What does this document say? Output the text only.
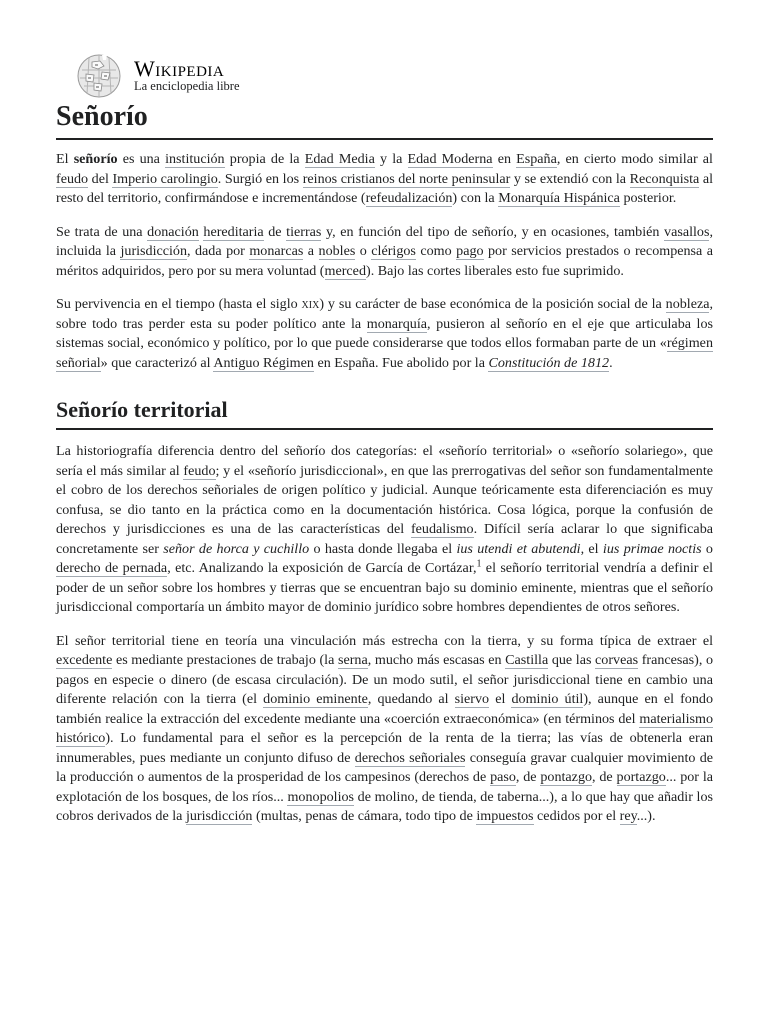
Wikipedia
La enciclopedia libre
Señorío

El señorío es una institución propia de la Edad Media y la Edad Moderna en España, en cierto modo similar al feudo del Imperio carolingio. Surgió en los reinos cristianos del norte peninsular y se extendió con la Reconquista al resto del territorio, confirmándose e incrementándose (refeudalización) con la Monarquía Hispánica posterior.

Se trata de una donación hereditaria de tierras y, en función del tipo de señorío, y en ocasiones, también vasallos, incluida la jurisdicción, dada por monarcas a nobles o clérigos como pago por servicios prestados o recompensa a méritos adquiridos, pero por su mera voluntad (merced). Bajo las cortes liberales esto fue suprimido.

Su pervivencia en el tiempo (hasta el siglo xix) y su carácter de base económica de la posición social de la nobleza, sobre todo tras perder esta su poder político ante la monarquía, pusieron al señorío en el eje que articulaba los sistemas social, económico y político, por lo que puede considerarse que todos ellos formaban parte de un «régimen señorial» que caracterizó al Antiguo Régimen en España. Fue abolido por la Constitución de 1812.

Señorío territorial

La historiografía diferencia dentro del señorío dos categorías: el «señorío territorial» o «señorío solariego», que sería el más similar al feudo; y el «señorío jurisdiccional», en que las prerrogativas del señor son fundamentalmente el cobro de los derechos señoriales de origen político y judicial. Aunque teóricamente esta diferenciación es muy confusa, se dio tanto en la práctica como en la documentación histórica. Cosa lógica, porque la confusión de derechos y jurisdicciones es una de las características del feudalismo. Difícil sería aclarar lo que significaba concretamente ser señor de horca y cuchillo o hasta donde llegaba el ius utendi et abutendi, el ius primae noctis o derecho de pernada, etc. Analizando la exposición de García de Cortázar,$^1$ el señorío territorial vendría a definir el poder de un señor sobre los hombres y tierras que se encuentran bajo su dominio eminente, mientras que el señorío jurisdiccional comportaría un ámbito mayor de dominio jurídico sobre hombres dependientes de otros señores.

El señor territorial tiene en teoría una vinculación más estrecha con la tierra, y su forma típica de extraer el excedente es mediante prestaciones de trabajo (la serna, mucho más escasas en Castilla que las corveas francesas), o pagos en especie o dinero (de escasa circulación). De un modo sutil, el señor jurisdiccional tiene en cambio una diferente relación con la tierra (el dominio eminente, quedando al siervo el dominio útil), aunque en el fondo también realice la extracción del excedente mediante una «coerción extraeconómica» (en términos del materialismo histórico). Lo fundamental para el señor es la percepción de la renta de la tierra; las vías de obtenerla eran innumerables, pues mediante un conjunto difuso de derechos señoriales conseguía gravar cualquier movimiento de la producción o aumentos de la prosperidad de los campesinos (derechos de paso, de pontazgo, de portazgo... por la explotación de los bosques, de los ríos... monopolios de molino, de tienda, de taberna...), a lo que hay que añadir los cobros derivados de la jurisdicción (multas, penas de cámara, todo tipo de impuestos cedidos por el rey...).
